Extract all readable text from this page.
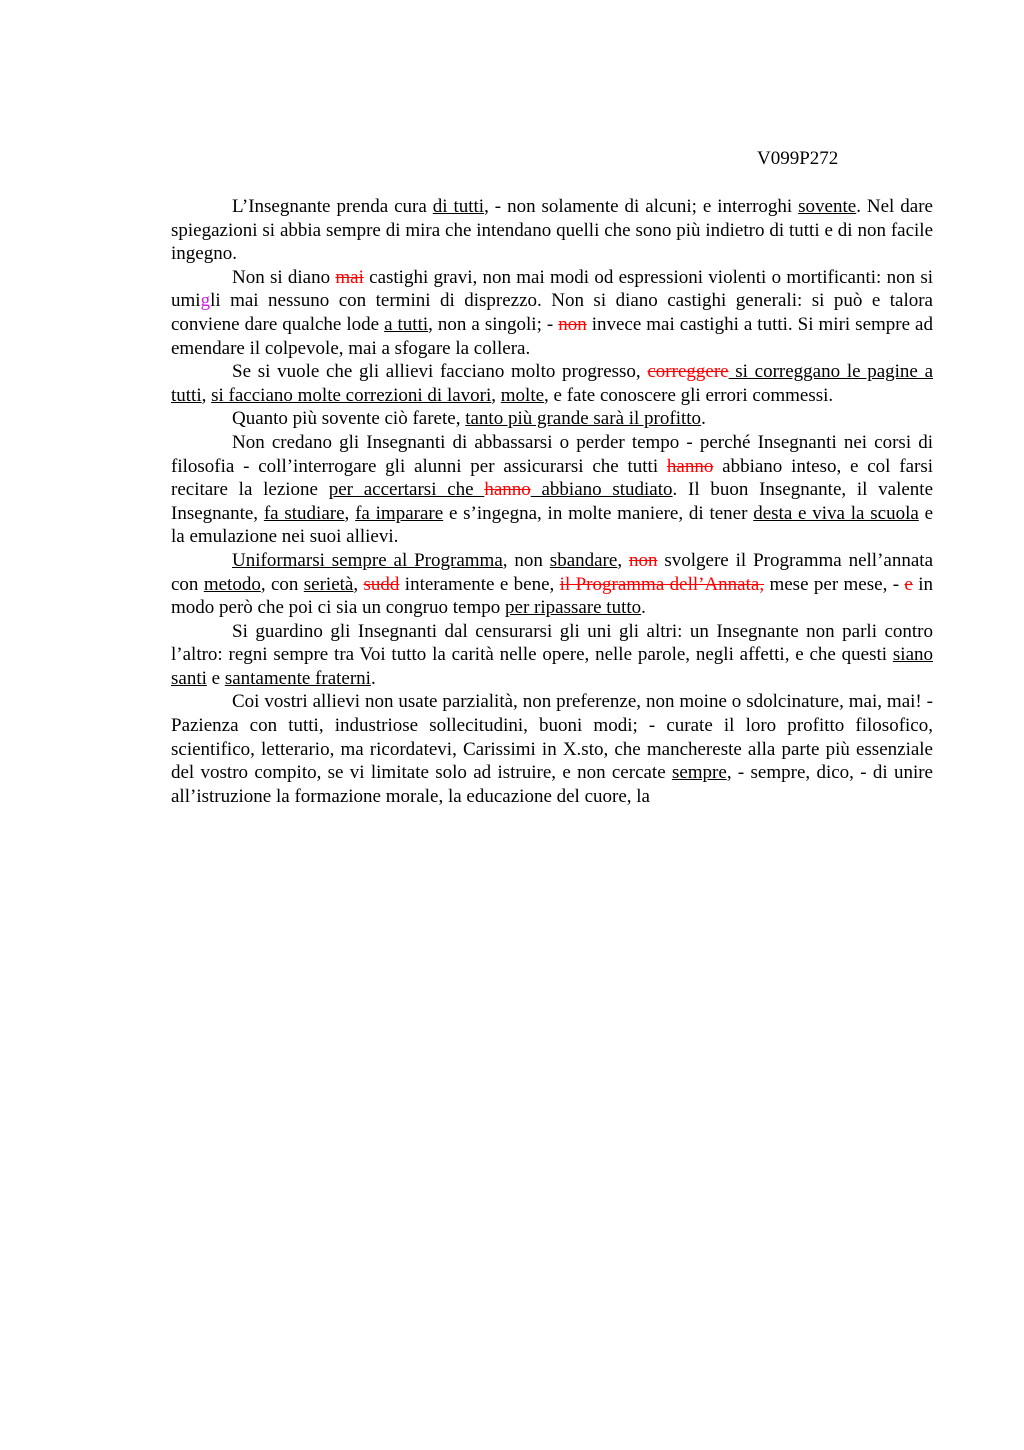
V099P272

L’Insegnante prenda cura di tutti, - non solamente di alcuni; e interroghi sovente. Nel dare spiegazioni si abbia sempre di mira che intendano quelli che sono più indietro di tutti e di non facile ingegno.

Non si diano mai castighi gravi, non mai modi od espressioni violenti o mortificanti: non si umigli mai nessuno con termini di disprezzo. Non si diano castighi generali: si può e talora conviene dare qualche lode a tutti, non a singoli; - non invece mai castighi a tutti. Si miri sempre ad emendare il colpevole, mai a sfogare la collera.

Se si vuole che gli allievi facciano molto progresso, correggere si correggano le pagine a tutti, si facciano molte correzioni di lavori, molte, e fate conoscere gli errori commessi.

Quanto più sovente ciò farete, tanto più grande sarà il profitto.

Non credano gli Insegnanti di abbassarsi o perder tempo - perché Insegnanti nei corsi di filosofia - coll’interrogare gli alunni per assicurarsi che tutti hanno abbiano inteso, e col farsi recitare la lezione per accertarsi che hanno abbiano studiato. Il buon Insegnante, il valente Insegnante, fa studiare, fa imparare e s’ingegna, in molte maniere, di tener desta e viva la scuola e la emulazione nei suoi allievi.

Uniformarsi sempre al Programma, non sbandare, non svolgere il Programma nell’annata con metodo, con serietà, sudd interamente e bene, il Programma dell’Annata, mese per mese, - e in modo però che poi ci sia un congruo tempo per ripassare tutto.

Si guardino gli Insegnanti dal censurarsi gli uni gli altri: un Insegnante non parli contro l’altro: regni sempre tra Voi tutto la carità nelle opere, nelle parole, negli affetti, e che questi siano santi e santamente fraterni.

Coi vostri allievi non usate parzialità, non preferenze, non moine o sdolcinature, mai, mai! - Pazienza con tutti, industriose sollecitudini, buoni modi; - curate il loro profitto filosofico, scientifico, letterario, ma ricordatevi, Carissimi in X.sto, che manchereste alla parte più essenziale del vostro compito, se vi limitate solo ad istruire, e non cercate sempre, - sempre, dico, - di unire all’istruzione la formazione morale, la educazione del cuore, la
